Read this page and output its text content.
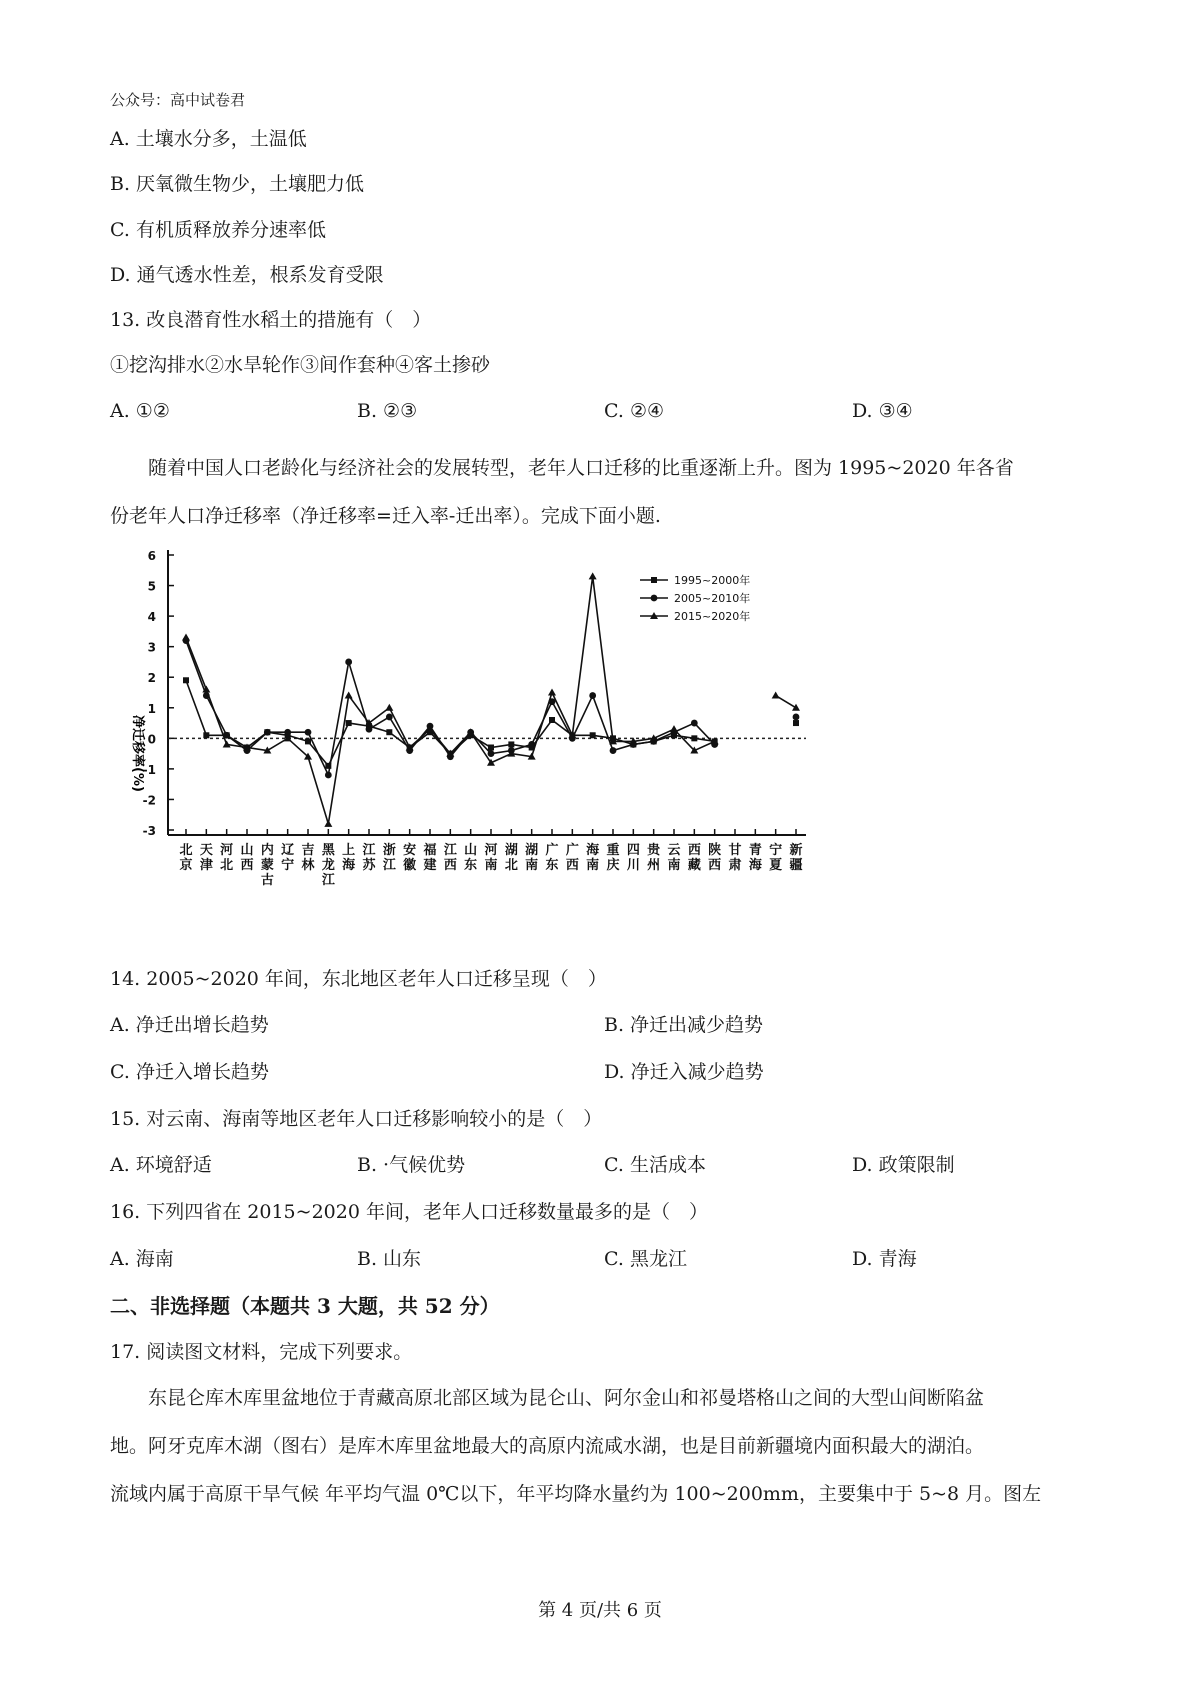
公众号：高中试卷君
A. 土壤水分多，土温低
B. 厌氧微生物少，土壤肥力低
C. 有机质释放养分速率低
D. 通气透水性差，根系发育受限
13. 改良潜育性水稻土的措施有（　）
①挖沟排水②水旱轮作③间作套种④客土掺砂
A. ①②	B. ②③	C. ②④	D. ③④
随着中国人口老龄化与经济社会的发展转型，老年人口迁移的比重逐渐上升。图为 1995~2020 年各省
份老年人口净迁移率（净迁移率=迁入率-迁出率）。完成下面小题.
6
5
4
3
2
1
0
-1
-2
-3
北京
天津
河北
山西
内蒙古
辽宁
吉林
黑龙江
上海
江苏
浙江
安徽
福建
江西
山东
河南
湖北
湖南
广东
广西
海南
重庆
四川
贵州
云南
西藏
陕西
甘肃
青海
宁夏
新疆
1995~2000年
2005~2010年
2015~2020年
净迁移率(%)
14. 2005~2020 年间，东北地区老年人口迁移呈现（　）
A. 净迁出增长趋势	B. 净迁出减少趋势
C. 净迁入增长趋势	D. 净迁入减少趋势
15. 对云南、海南等地区老年人口迁移影响较小的是（　）
A. 环境舒适	B. ·气候优势	C. 生活成本	D. 政策限制
16. 下列四省在 2015~2020 年间，老年人口迁移数量最多的是（　）
A. 海南	B. 山东	C. 黑龙江	D. 青海
二、非选择题（本题共 3 大题，共 52 分）
17. 阅读图文材料，完成下列要求。
东昆仑库木库里盆地位于青藏高原北部区域为昆仑山、阿尔金山和祁曼塔格山之间的大型山间断陷盆
地。阿牙克库木湖（图右）是库木库里盆地最大的高原内流咸水湖，也是目前新疆境内面积最大的湖泊。
流域内属于高原干旱气候 年平均气温 0℃以下，年平均降水量约为 100~200mm，主要集中于 5~8 月。图左
第 4 页/共 6 页
